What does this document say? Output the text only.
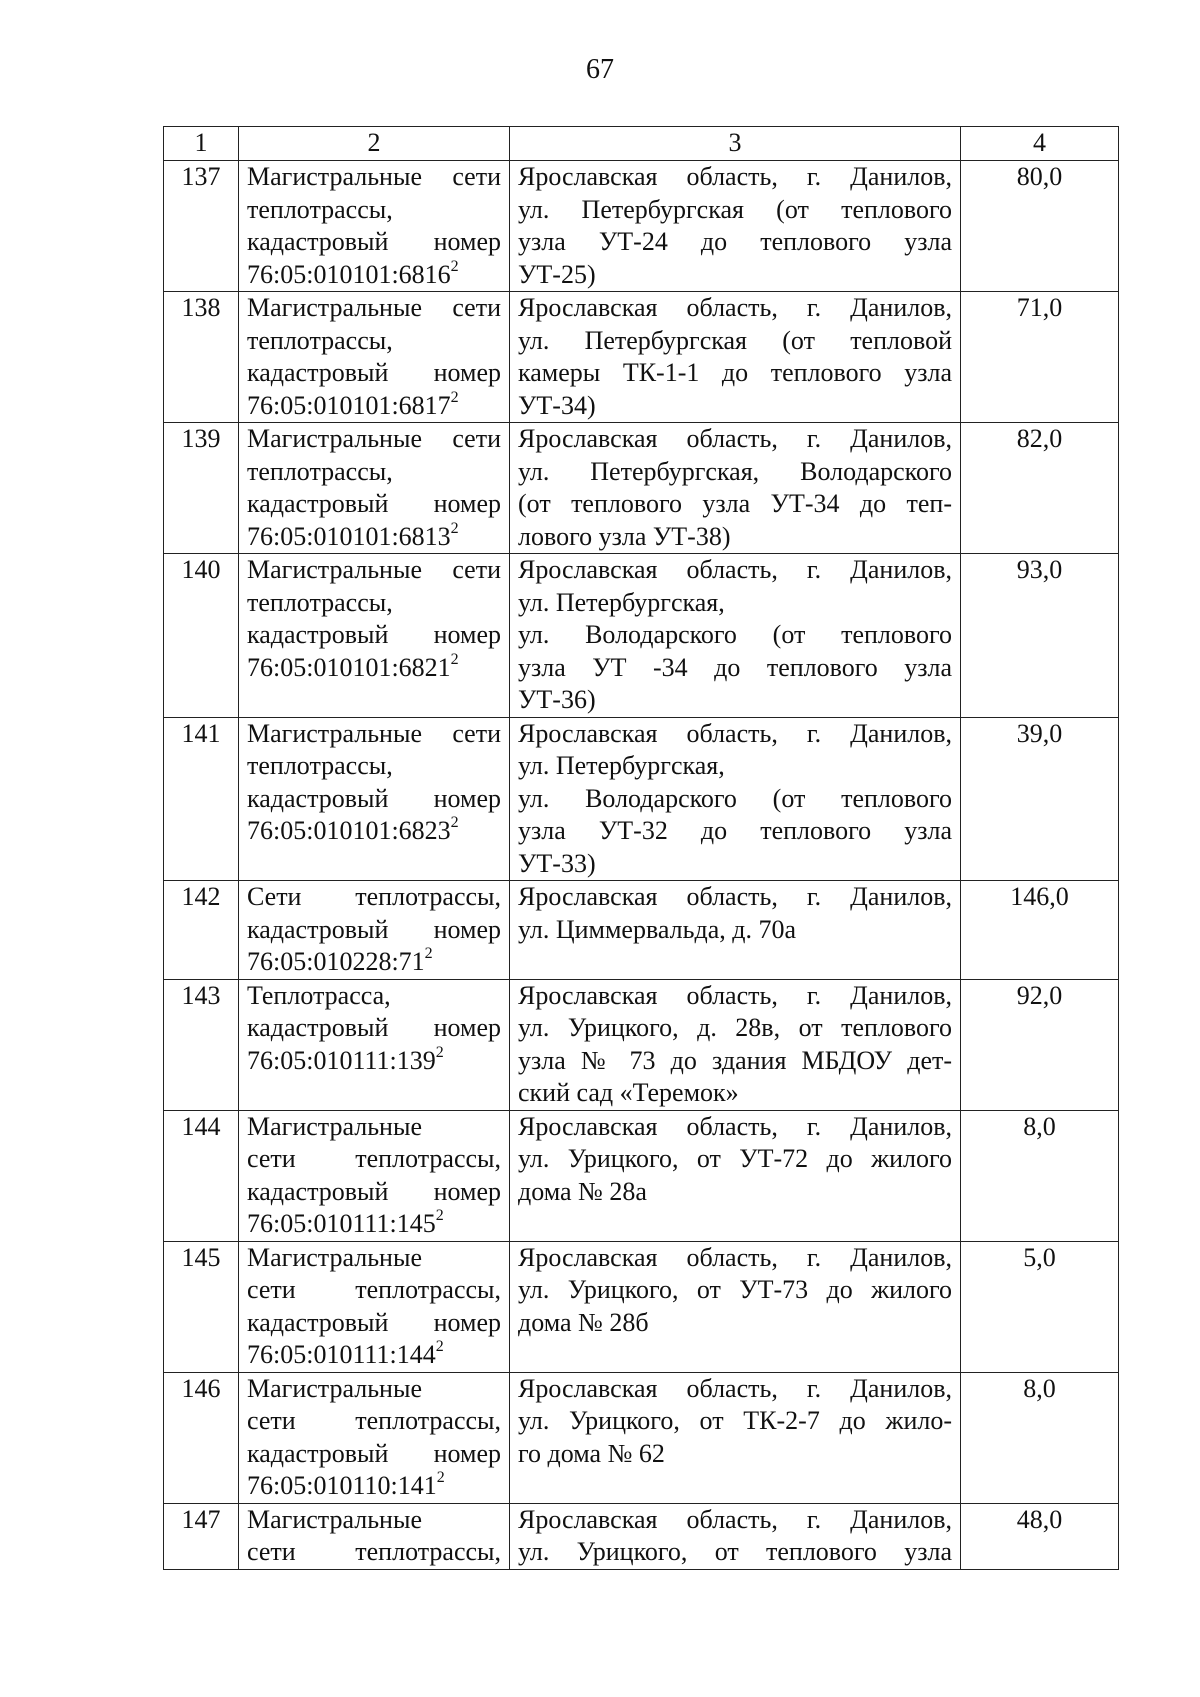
67
1	2	3	4
137	Магистральные сети
теплотрассы,
кадастровый номер
76:05:010101:6816$^2$	Ярославская область, г. Данилов,
ул. Петербургская (от теплового
узла УТ-24 до теплового узла
УТ-25)	80,0
138	Магистральные сети
теплотрассы,
кадастровый номер
76:05:010101:6817$^2$	Ярославская область, г. Данилов,
ул. Петербургская (от тепловой
камеры ТК-1-1 до теплового узла
УТ-34)	71,0
139	Магистральные сети
теплотрассы,
кадастровый номер
76:05:010101:6813$^2$	Ярославская область, г. Данилов,
ул. Петербургская, Володарского
(от теплового узла УТ-34 до теп-
лового узла УТ-38)	82,0
140	Магистральные сети
теплотрассы,
кадастровый номер
76:05:010101:6821$^2$	Ярославская область, г. Данилов,
ул. Петербургская,
ул. Володарского (от теплового
узла УТ -34 до теплового узла
УТ-36)	93,0
141	Магистральные сети
теплотрассы,
кадастровый номер
76:05:010101:6823$^2$	Ярославская область, г. Данилов,
ул. Петербургская,
ул. Володарского (от теплового
узла УТ-32 до теплового узла
УТ-33)	39,0
142	Сети теплотрассы,
кадастровый номер
$76:05:010228:71^2$	Ярославская область, г. Данилов,
ул. Циммервальда, д. 70а	146,0
143	Теплотрасса,
кадастровый номер
$76:05:010111:139^2$	Ярославская область, г. Данилов,
ул. Урицкого, д. 28в, от теплового
узла № 73 до здания МБДОУ дет-
ский сад «Теремок»	92,0
144	Магистральные
сети теплотрассы,
кадастровый номер
$76:05:010111:145^2$	Ярославская область, г. Данилов,
ул. Урицкого, от УТ-72 до жилого
дома № 28а	8,0
145	Магистральные
сети теплотрассы,
кадастровый номер
$76:05:010111:144^2$	Ярославская область, г. Данилов,
ул. Урицкого, от УТ-73 до жилого
дома № 28б	5,0
146	Магистральные
сети теплотрассы,
кадастровый номер
$76:05:010110:141^2$	Ярославская область, г. Данилов,
ул. Урицкого, от ТК-2-7 до жило-
го дома № 62	8,0
147	Магистральные
сети теплотрассы,	Ярославская область, г. Данилов,
ул. Урицкого, от теплового узла	48,0
